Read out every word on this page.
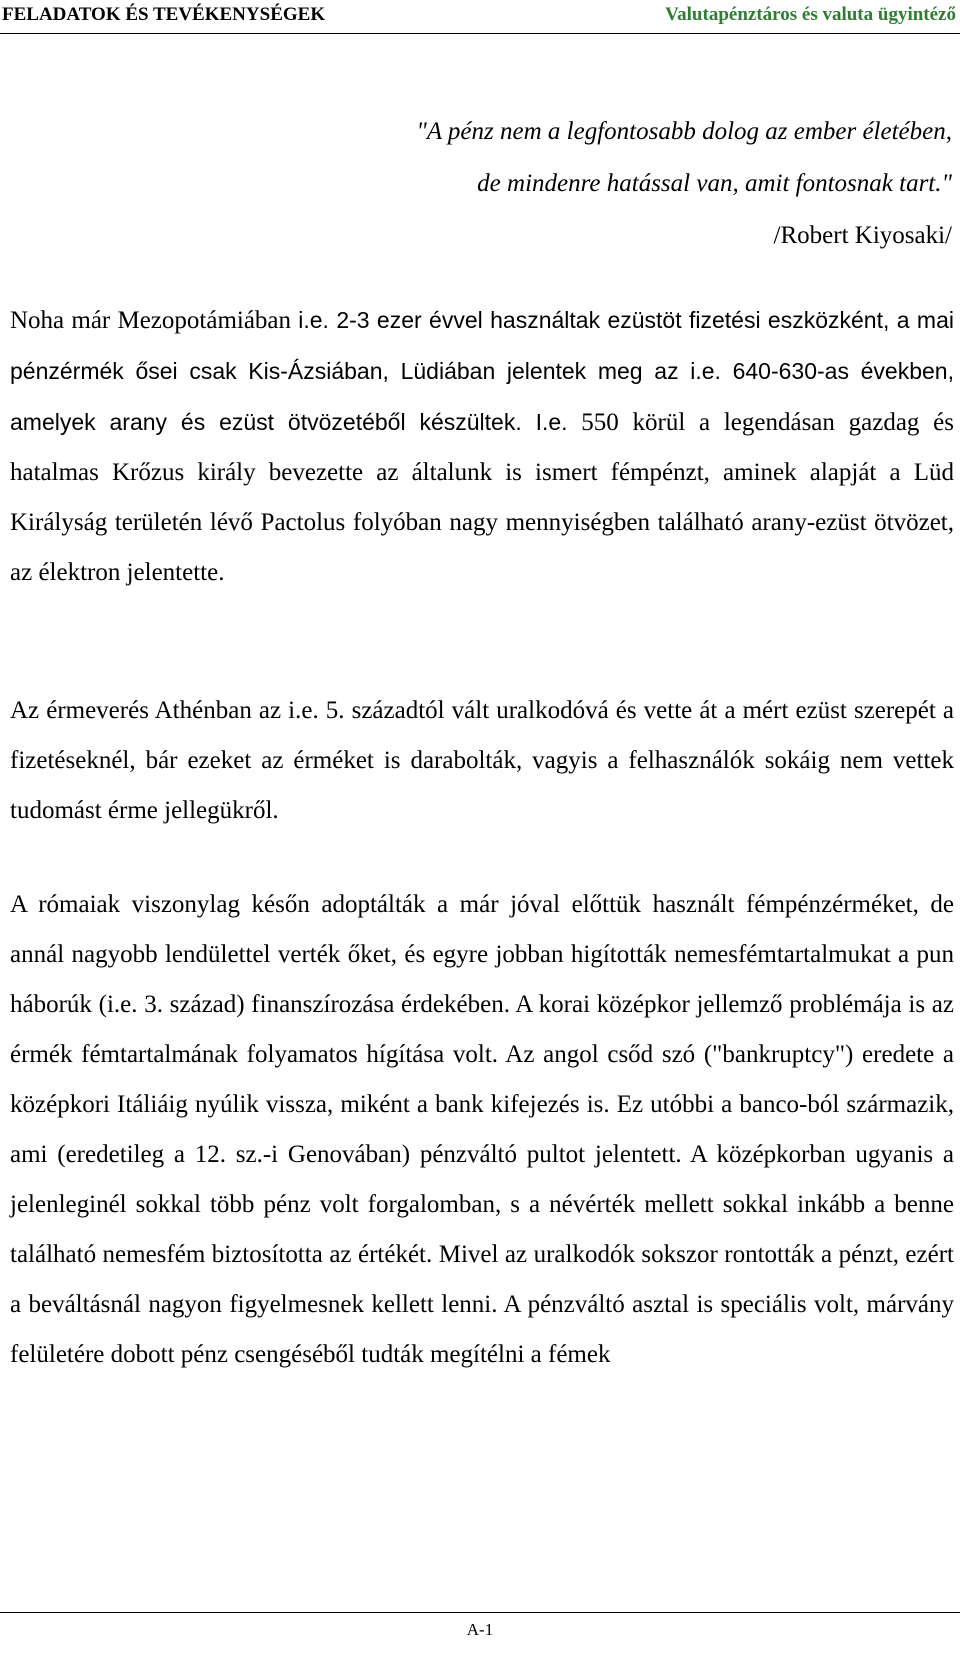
FELADATOK ÉS TEVÉKENYSÉGEK	Valutapénztáros és valuta ügyintéző
"A pénz nem a legfontosabb dolog az ember életében,
de mindenre hatással van, amit fontosnak tart."
/Robert Kiyosaki/

Noha már Mezopotámiában i.e. 2-3 ezer évvel használtak ezüstöt fizetési eszközként, a mai pénzérmék ősei csak Kis-Ázsiában, Lüdiában jelentek meg az i.e. 640-630-as években, amelyek arany és ezüst ötvözetéből készültek. I.e. 550 körül a legendásan gazdag és hatalmas Krőzus király bevezette az általunk is ismert fémpénzt, aminek alapját a Lüd Királyság területén lévő Pactolus folyóban nagy mennyiségben található arany-ezüst ötvözet, az élektron jelentette.

Az érmeverés Athénban az i.e. 5. századtól vált uralkodóvá és vette át a mért ezüst szerepét a fizetéseknél, bár ezeket az érméket is darabolták, vagyis a felhasználók sokáig nem vettek tudomást érme jellegükről.

A rómaiak viszonylag későn adoptálták a már jóval előttük használt fémpénzérméket, de annál nagyobb lendülettel verték őket, és egyre jobban higították nemesfémtartalmukat a pun háborúk (i.e. 3. század) finanszírozása érdekében. A korai középkor jellemző problémája is az érmék fémtartalmának folyamatos hígítása volt. Az angol csőd szó ("bankruptcy") eredete a középkori Itáliáig nyúlik vissza, miként a bank kifejezés is. Ez utóbbi a banco-ból származik, ami (eredetileg a 12. sz.-i Genovában) pénzváltó pultot jelentett. A középkorban ugyanis a jelenleginél sokkal több pénz volt forgalomban, s a névérték mellett sokkal inkább a benne található nemesfém biztosította az értékét. Mivel az uralkodók sokszor rontották a pénzt, ezért a beváltásnál nagyon figyelmesnek kellett lenni. A pénzváltó asztal is speciális volt, márvány felületére dobott pénz csengéséből tudták megítélni a fémek

A-1
